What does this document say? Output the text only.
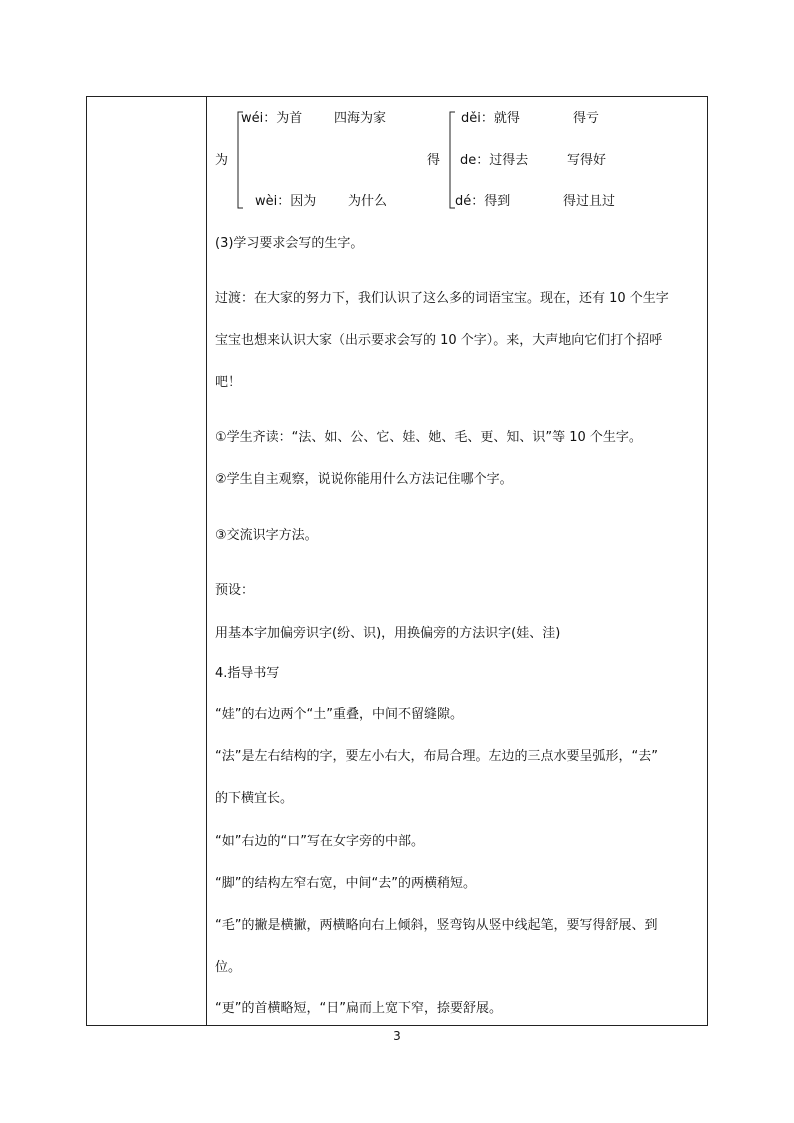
为
wéi：为首 四海为家
wèi：因为 为什么
得
děi：就得	得亏
de：过得去	写得好
dé：得到	得过且过
(3)学习要求会写的生字。
过渡：在大家的努力下，我们认识了这么多的词语宝宝。现在，还有 10 个生字
宝宝也想来认识大家（出示要求会写的 10 个字）。来，大声地向它们打个招呼
吧！
①学生齐读：“法、如、公、它、娃、她、毛、更、知、识”等 10 个生字。
②学生自主观察，说说你能用什么方法记住哪个字。
③交流识字方法。
预设：
用基本字加偏旁识字(纷、识)，用换偏旁的方法识字(娃、洼)
4.指导书写
“娃”的右边两个“土”重叠，中间不留缝隙。
“法”是左右结构的字，要左小右大，布局合理。左边的三点水要呈弧形，“去”
的下横宜长。
“如”右边的“口”写在女字旁的中部。
“脚”的结构左窄右宽，中间“去”的两横稍短。
“毛”的撇是横撇，两横略向右上倾斜，竖弯钩从竖中线起笔，要写得舒展、到
位。
“更”的首横略短，“日”扁而上宽下窄，捺要舒展。
3
